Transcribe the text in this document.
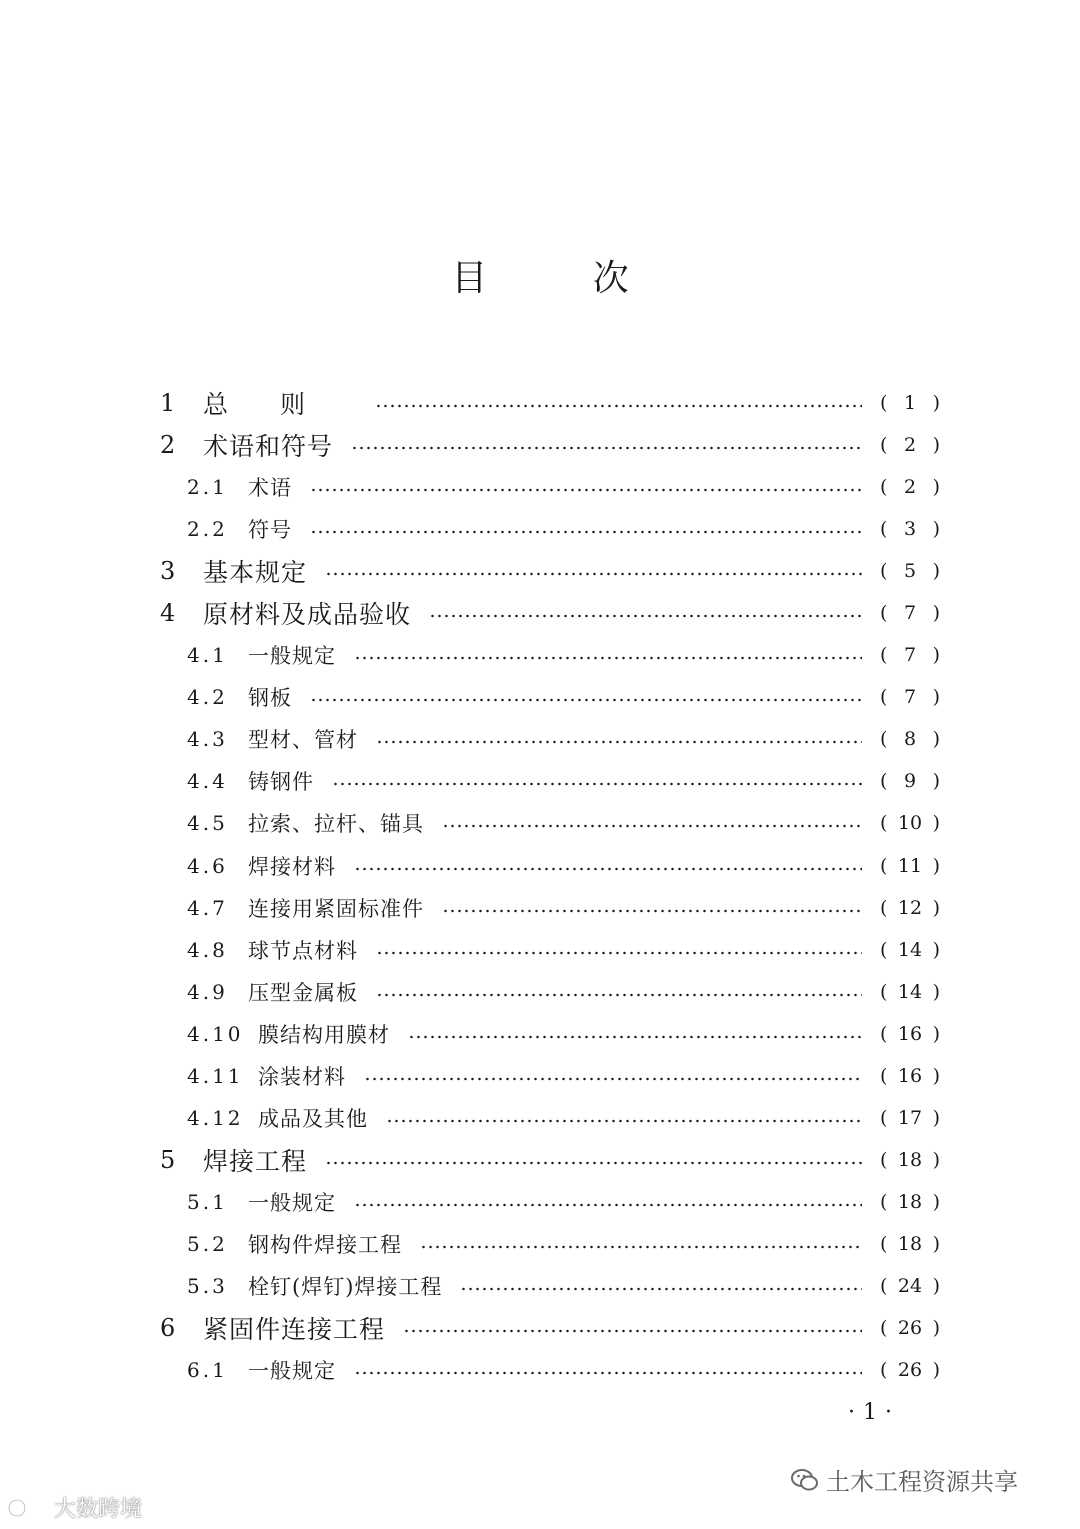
目	次
1 总则	( 1 )
2 术语和符号	( 2 )
2.1 术语	( 2 )
2.2 符号	( 3 )
3 基本规定	( 5 )
4 原材料及成品验收	( 7 )
4.1 一般规定	( 7 )
4.2 钢板	( 7 )
4.3 型材、管材	( 8 )
4.4 铸钢件	( 9 )
4.5 拉索、拉杆、锚具	( 10 )
4.6 焊接材料	( 11 )
4.7 连接用紧固标准件	( 12 )
4.8 球节点材料	( 14 )
4.9 压型金属板	( 14 )
4.10 膜结构用膜材	( 16 )
4.11 涂装材料	( 16 )
4.12 成品及其他	( 17 )
5 焊接工程	( 18 )
5.1 一般规定	( 18 )
5.2 钢构件焊接工程	( 18 )
5.3 栓钉(焊钉)焊接工程	( 24 )
6 紧固件连接工程	( 26 )
6.1 一般规定	( 26 )
·1·
土木工程资源共享
大数跨境
